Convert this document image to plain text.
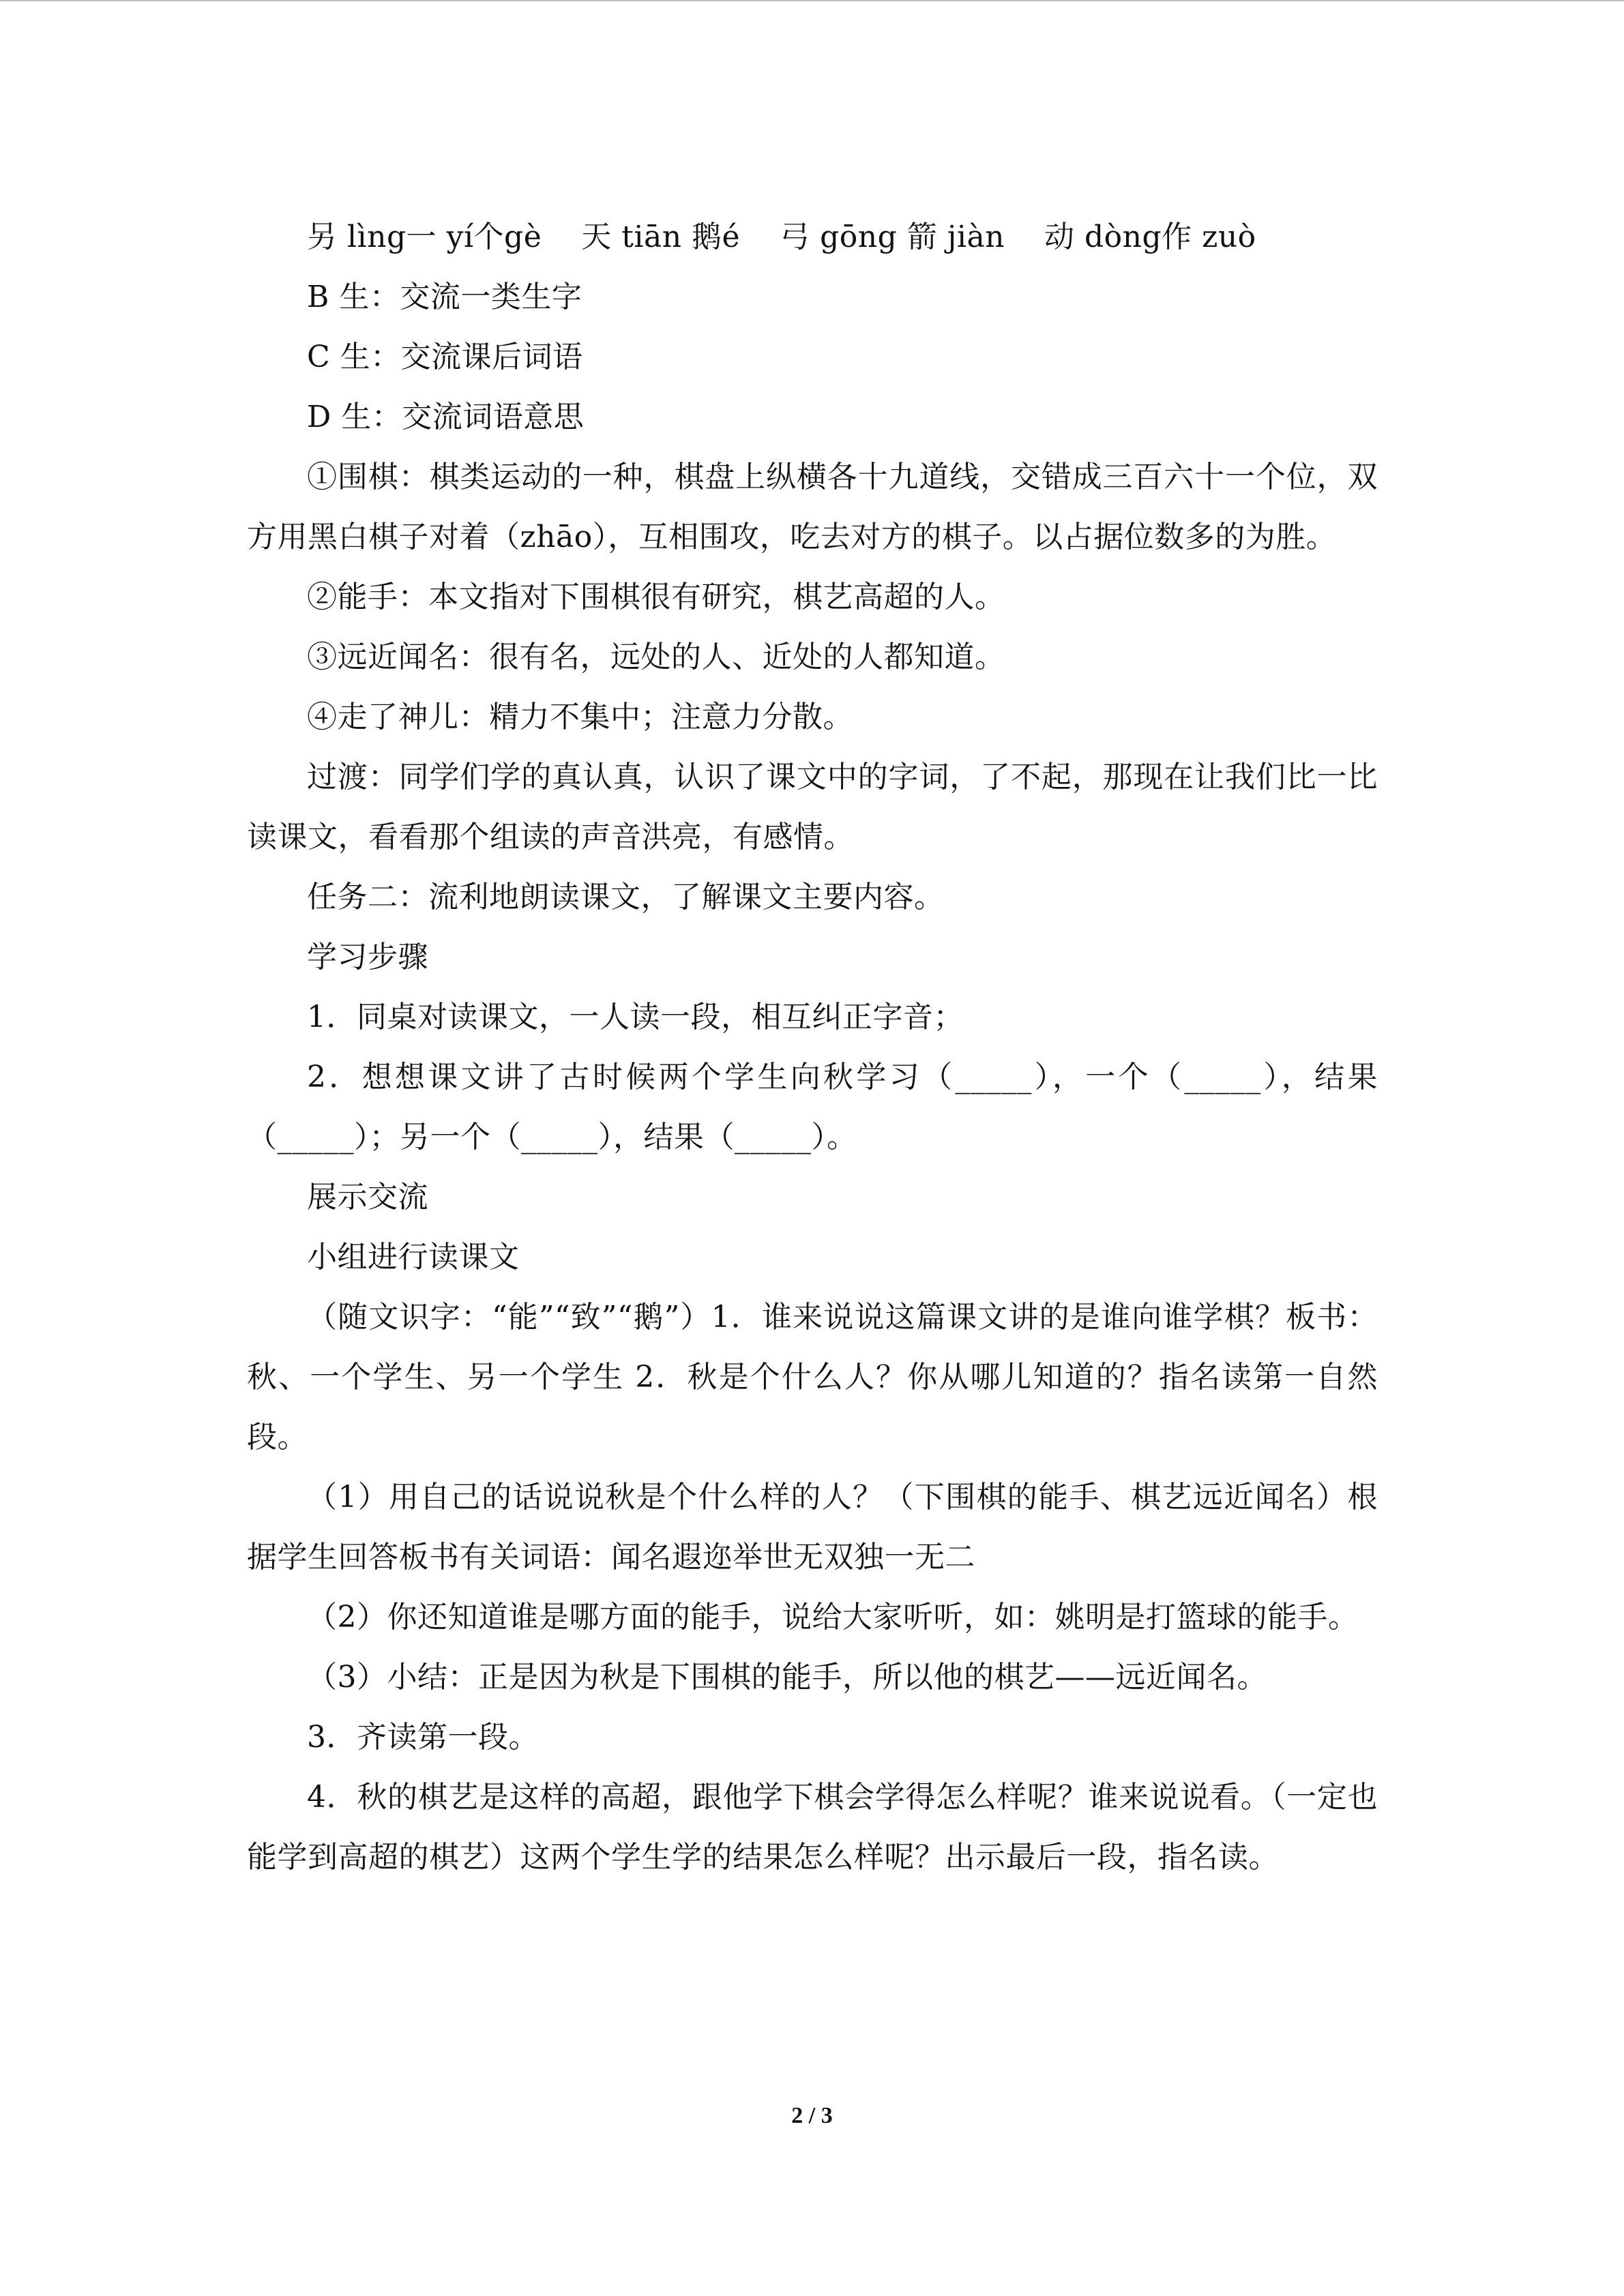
另 lìng一 yí个gè 天 tiān 鹅é 弓 gōng 箭 jiàn 动 dòng作 zuò

B 生：交流一类生字

C 生：交流课后词语

D 生：交流词语意思

①围棋：棋类运动的一种，棋盘上纵横各十九道线，交错成三百六十一个位，双方用黑白棋子对着（zhāo），互相围攻，吃去对方的棋子。以占据位数多的为胜。

②能手：本文指对下围棋很有研究，棋艺高超的人。

③远近闻名：很有名，远处的人、近处的人都知道。

④走了神儿：精力不集中；注意力分散。

过渡：同学们学的真认真，认识了课文中的字词，了不起，那现在让我们比一比读课文，看看那个组读的声音洪亮，有感情。

任务二：流利地朗读课文，了解课文主要内容。

学习步骤

1．同桌对读课文，一人读一段，相互纠正字音；

2．想想课文讲了古时候两个学生向秋学习（_____），一个（_____），结果（_____）；另一个（_____），结果（_____）。

展示交流

小组进行读课文

（随文识字：“能”“致”“鹅”）1．谁来说说这篇课文讲的是谁向谁学棋？板书：秋、一个学生、另一个学生 2．秋是个什么人？你从哪儿知道的？指名读第一自然段。

（1）用自己的话说说秋是个什么样的人？（下围棋的能手、棋艺远近闻名）根据学生回答板书有关词语：闻名遐迩举世无双独一无二

（2）你还知道谁是哪方面的能手，说给大家听听，如：姚明是打篮球的能手。

（3）小结：正是因为秋是下围棋的能手，所以他的棋艺——远近闻名。

3．齐读第一段。

4．秋的棋艺是这样的高超，跟他学下棋会学得怎么样呢？谁来说说看。（一定也能学到高超的棋艺）这两个学生学的结果怎么样呢？出示最后一段，指名读。

2 / 3
